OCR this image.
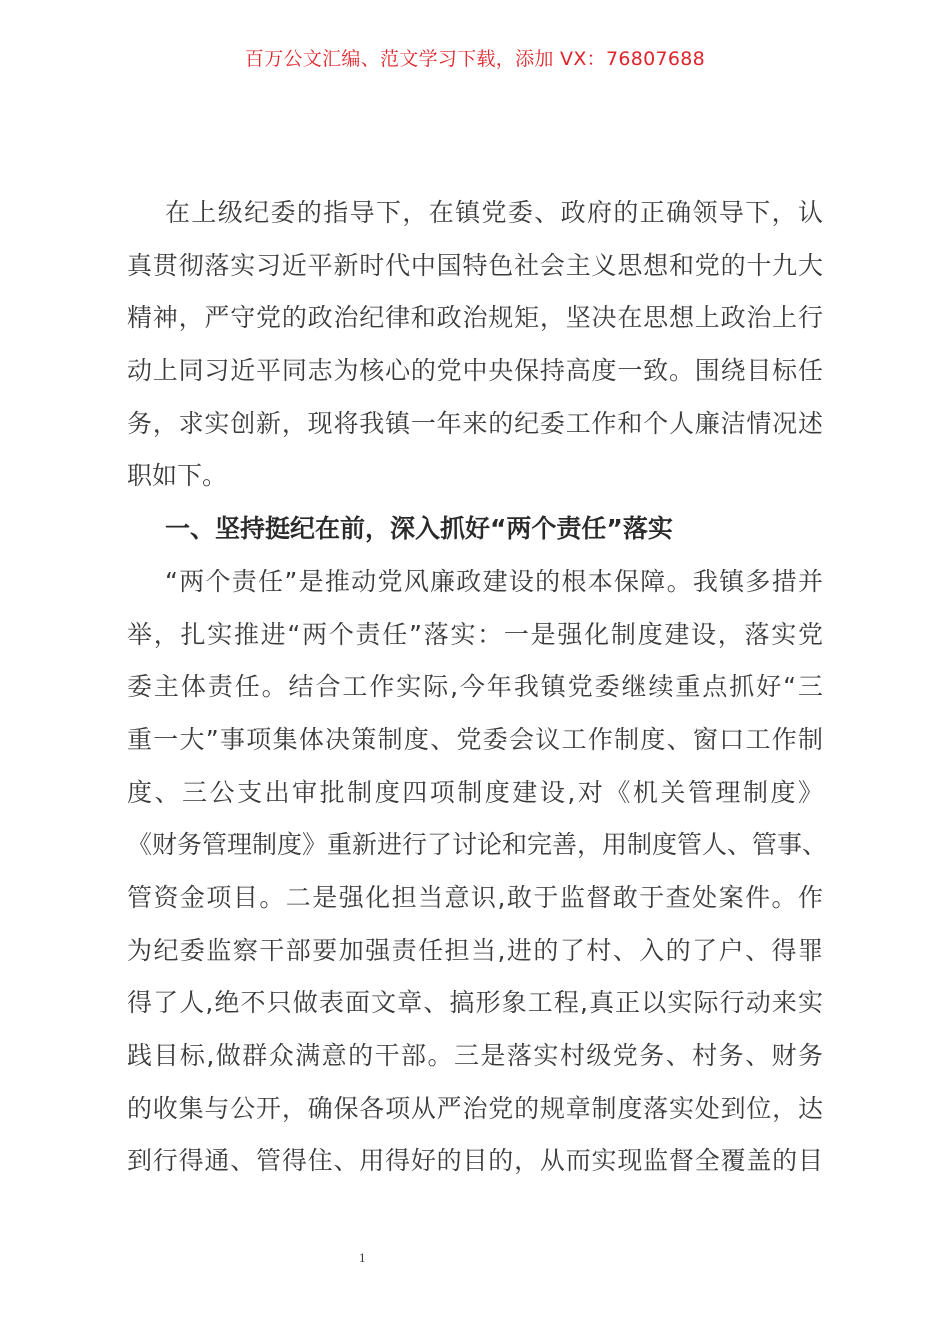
百万公文汇编、范文学习下载，添加 VX：76807688
在上级纪委的指导下，在镇党委、政府的正确领导下，认
真贯彻落实习近平新时代中国特色社会主义思想和党的十九大
精神，严守党的政治纪律和政治规矩，坚决在思想上政治上行
动上同习近平同志为核心的党中央保持高度一致。围绕目标任
务，求实创新，现将我镇一年来的纪委工作和个人廉洁情况述
职如下。
一、坚持挺纪在前，深入抓好“两个责任”落实
“两个责任”是推动党风廉政建设的根本保障。我镇多措并
举，扎实推进“两个责任”落实：一是强化制度建设，落实党
委主体责任。结合工作实际,今年我镇党委继续重点抓好“三
重一大”事项集体决策制度、党委会议工作制度、窗口工作制
度、三公支出审批制度四项制度建设,对《机关管理制度》
《财务管理制度》重新进行了讨论和完善，用制度管人、管事、
管资金项目。二是强化担当意识,敢于监督敢于查处案件。作
为纪委监察干部要加强责任担当,进的了村、入的了户、得罪
得了人,绝不只做表面文章、搞形象工程,真正以实际行动来实
践目标,做群众满意的干部。三是落实村级党务、村务、财务
的收集与公开，确保各项从严治党的规章制度落实处到位，达
到行得通、管得住、用得好的目的，从而实现监督全覆盖的目
1
